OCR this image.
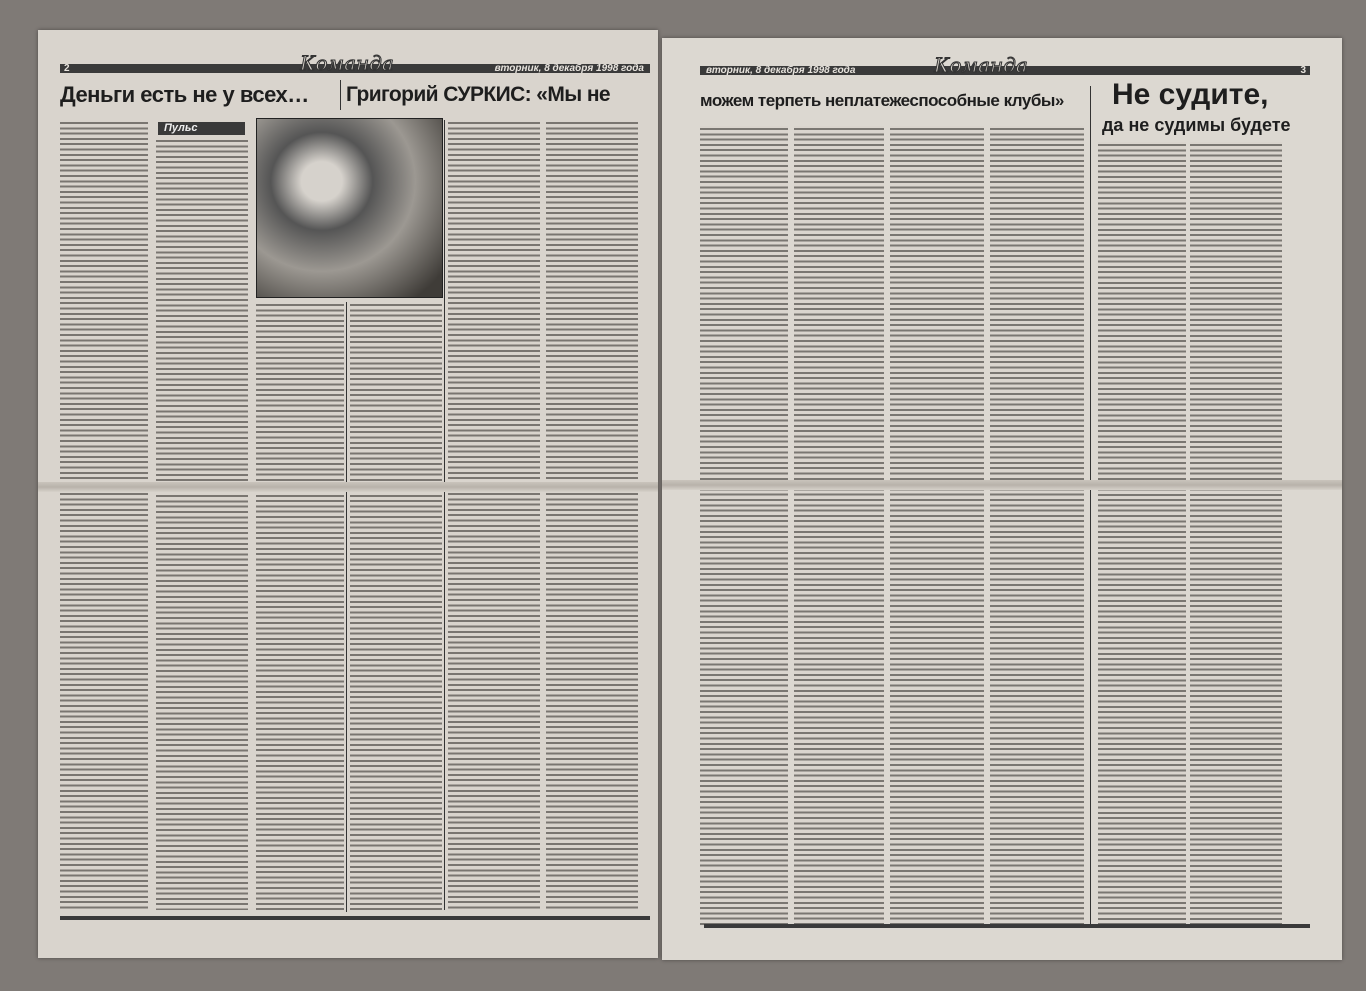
2	вторник, 8 декабря 1998 года
Команда
Деньги есть не у всех… Григорий СУРКИС: «Мы не
Пульс
вторник, 8 декабря 1998 года	3
Команда
можем терпеть неплатежеспособные клубы» Не судите,
да не судимы будете
